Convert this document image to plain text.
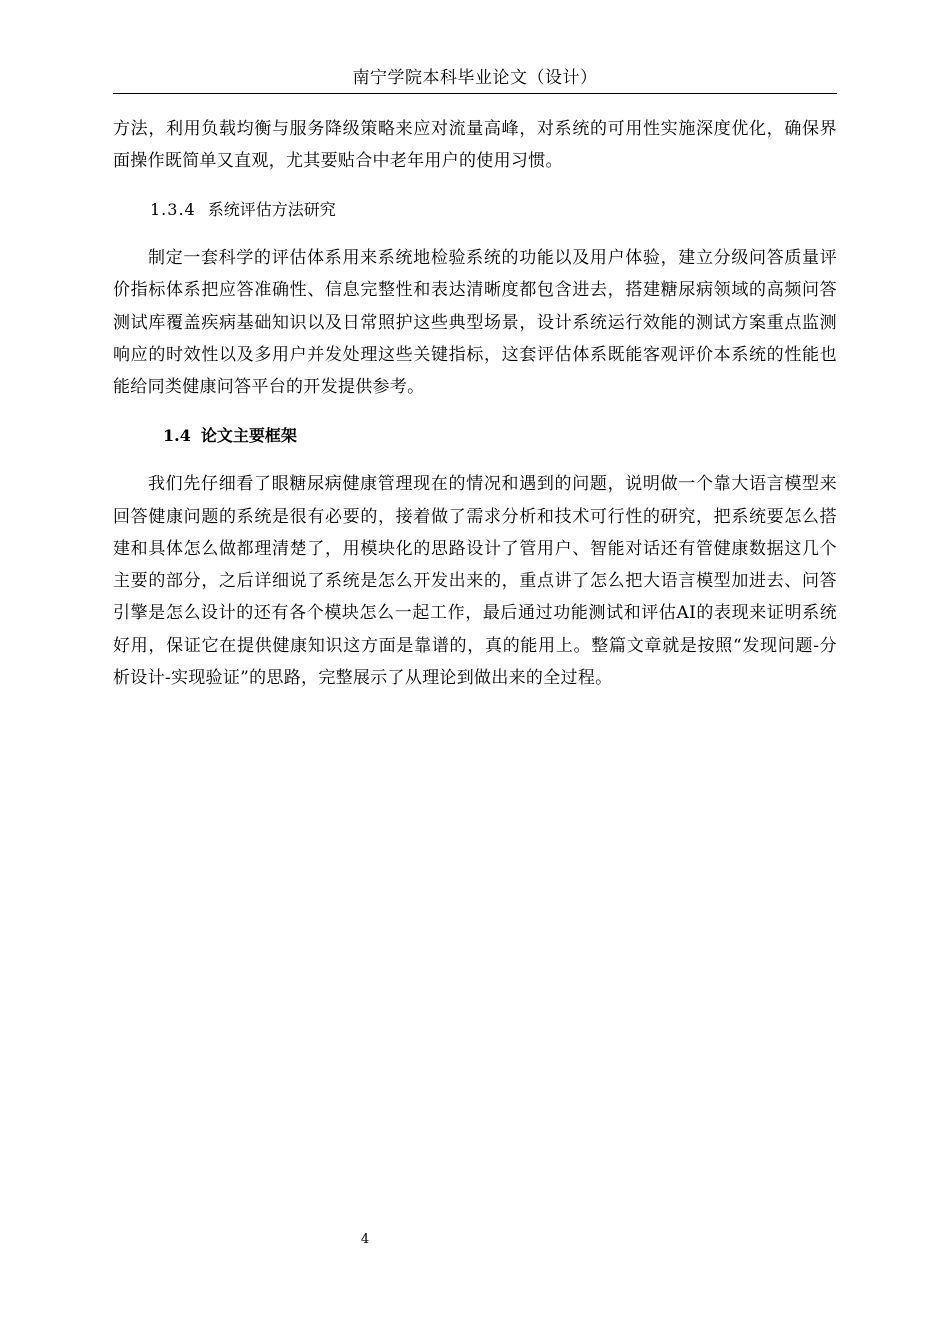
南宁学院本科毕业论文（设计）

方法，利用负载均衡与服务降级策略来应对流量高峰，对系统的可用性实施深度优化，确保界面操作既简单又直观，尤其要贴合中老年用户的使用习惯。

1.3.4 系统评估方法研究

制定一套科学的评估体系用来系统地检验系统的功能以及用户体验，建立分级问答质量评价指标体系把应答准确性、信息完整性和表达清晰度都包含进去，搭建糖尿病领域的高频问答测试库覆盖疾病基础知识以及日常照护这些典型场景，设计系统运行效能的测试方案重点监测响应的时效性以及多用户并发处理这些关键指标，这套评估体系既能客观评价本系统的性能也能给同类健康问答平台的开发提供参考。

1.4 论文主要框架

我们先仔细看了眼糖尿病健康管理现在的情况和遇到的问题，说明做一个靠大语言模型来回答健康问题的系统是很有必要的，接着做了需求分析和技术可行性的研究，把系统要怎么搭建和具体怎么做都理清楚了，用模块化的思路设计了管用户、智能对话还有管健康数据这几个主要的部分，之后详细说了系统是怎么开发出来的，重点讲了怎么把大语言模型加进去、问答引擎是怎么设计的还有各个模块怎么一起工作，最后通过功能测试和评估AI的表现来证明系统好用，保证它在提供健康知识这方面是靠谱的，真的能用上。整篇文章就是按照“发现问题-分析设计-实现验证”的思路，完整展示了从理论到做出来的全过程。

4
